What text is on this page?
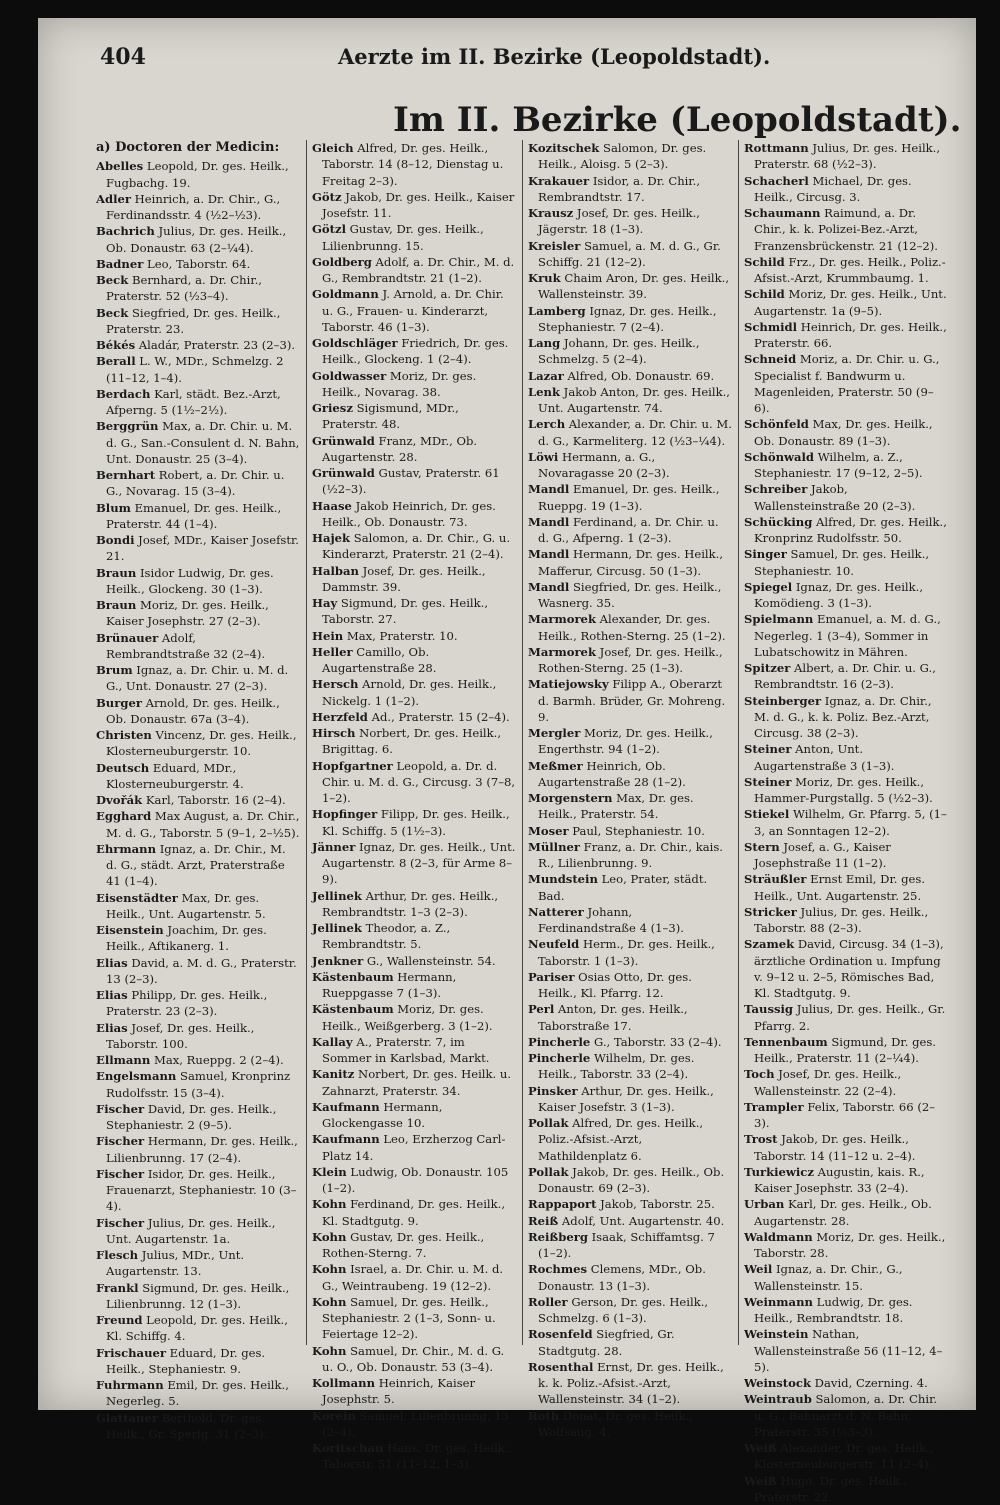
404	Aerzte im II. Bezirke (Leopoldstadt).
Im II. Bezirke (Leopoldstadt).
a) Doctoren der Medicin:
Abelles Leopold, Dr. ges. Heilk., Fugbachg. 19.
Adler Heinrich, a. Dr. Chir., G., Ferdinandsstr. 4 (½2–½3).
Bachrich Julius, Dr. ges. Heilk., Ob. Donaustr. 63 (2–¼4).
Badner Leo, Taborstr. 64.
Beck Bernhard, a. Dr. Chir., Praterstr. 52 (½3–4).
Beck Siegfried, Dr. ges. Heilk., Praterstr. 23.
Békés Aladár, Praterstr. 23 (2–3).
Berall L. W., MDr., Schmelzg. 2 (11–12, 1–4).
Berdach Karl, städt. Bez.-Arzt, Afperng. 5 (1½–2½).
Berggrün Max, a. Dr. Chir. u. M. d. G., San.-Consulent d. N. Bahn, Unt. Donaustr. 25 (3–4).
Bernhart Robert, a. Dr. Chir. u. G., Novarag. 15 (3–4).
Blum Emanuel, Dr. ges. Heilk., Praterstr. 44 (1–4).
Bondi Josef, MDr., Kaiser Josefstr. 21.
Braun Isidor Ludwig, Dr. ges. Heilk., Glockeng. 30 (1–3).
Braun Moriz, Dr. ges. Heilk., Kaiser Josephstr. 27 (2–3).
Brünauer Adolf, Rembrandtstraße 32 (2–4).
Brum Ignaz, a. Dr. Chir. u. M. d. G., Unt. Donaustr. 27 (2–3).
Burger Arnold, Dr. ges. Heilk., Ob. Donaustr. 67a (3–4).
Christen Vincenz, Dr. ges. Heilk., Klosterneuburgerstr. 10.
Deutsch Eduard, MDr., Klosterneuburgerstr. 4.
Dvořák Karl, Taborstr. 16 (2–4).
Egghard Max August, a. Dr. Chir., M. d. G., Taborstr. 5 (9–1, 2–½5).
Ehrmann Ignaz, a. Dr. Chir., M. d. G., städt. Arzt, Praterstraße 41 (1–4).
Eisenstädter Max, Dr. ges. Heilk., Unt. Augartenstr. 5.
Eisenstein Joachim, Dr. ges. Heilk., Aftikanerg. 1.
Elias David, a. M. d. G., Praterstr. 13 (2–3).
Elias Philipp, Dr. ges. Heilk., Praterstr. 23 (2–3).
Elias Josef, Dr. ges. Heilk., Taborstr. 100.
Ellmann Max, Rueppg. 2 (2–4).
Engelsmann Samuel, Kronprinz Rudolfsstr. 15 (3–4).
Fischer David, Dr. ges. Heilk., Stephaniestr. 2 (9–5).
Fischer Hermann, Dr. ges. Heilk., Lilienbrunng. 17 (2–4).
Fischer Isidor, Dr. ges. Heilk., Frauenarzt, Stephaniestr. 10 (3–4).
Fischer Julius, Dr. ges. Heilk., Unt. Augartenstr. 1a.
Flesch Julius, MDr., Unt. Augartenstr. 13.
Frankl Sigmund, Dr. ges. Heilk., Lilienbrunng. 12 (1–3).
Freund Leopold, Dr. ges. Heilk., Kl. Schiffg. 4.
Frischauer Eduard, Dr. ges. Heilk., Stephaniestr. 9.
Fuhrmann Emil, Dr. ges. Heilk., Negerleg. 5.
Glattauer Berthold, Dr. ges. Heilk., Gr. Sperlg. 31 (2–3).
Gleich Alfred, Dr. ges. Heilk., Taborstr. 14 (8–12, Dienstag u. Freitag 2–3).
Götz Jakob, Dr. ges. Heilk., Kaiser Josefstr. 11.
Götzl Gustav, Dr. ges. Heilk., Lilienbrunng. 15.
Goldberg Adolf, a. Dr. Chir., M. d. G., Rembrandtstr. 21 (1–2).
Goldmann J. Arnold, a. Dr. Chir. u. G., Frauen- u. Kinderarzt, Taborstr. 46 (1–3).
Goldschläger Friedrich, Dr. ges. Heilk., Glockeng. 1 (2–4).
Goldwasser Moriz, Dr. ges. Heilk., Novarag. 38.
Griesz Sigismund, MDr., Praterstr. 48.
Grünwald Franz, MDr., Ob. Augartenstr. 28.
Grünwald Gustav, Praterstr. 61 (½2–3).
Haase Jakob Heinrich, Dr. ges. Heilk., Ob. Donaustr. 73.
Hajek Salomon, a. Dr. Chir., G. u. Kinderarzt, Praterstr. 21 (2–4).
Halban Josef, Dr. ges. Heilk., Dammstr. 39.
Hay Sigmund, Dr. ges. Heilk., Taborstr. 27.
Hein Max, Praterstr. 10.
Heller Camillo, Ob. Augartenstraße 28.
Hersch Arnold, Dr. ges. Heilk., Nickelg. 1 (1–2).
Herzfeld Ad., Praterstr. 15 (2–4).
Hirsch Norbert, Dr. ges. Heilk., Brigittag. 6.
Hopfgartner Leopold, a. Dr. d. Chir. u. M. d. G., Circusg. 3 (7–8, 1–2).
Hopfinger Filipp, Dr. ges. Heilk., Kl. Schiffg. 5 (1½–3).
Jänner Ignaz, Dr. ges. Heilk., Unt. Augartenstr. 8 (2–3, für Arme 8–9).
Jellinek Arthur, Dr. ges. Heilk., Rembrandtstr. 1–3 (2–3).
Jellinek Theodor, a. Z., Rembrandtstr. 5.
Jenkner G., Wallensteinstr. 54.
Kästenbaum Hermann, Rueppgasse 7 (1–3).
Kästenbaum Moriz, Dr. ges. Heilk., Weißgerberg. 3 (1–2).
Kallay A., Praterstr. 7, im Sommer in Karlsbad, Markt.
Kanitz Norbert, Dr. ges. Heilk. u. Zahnarzt, Praterstr. 34.
Kaufmann Hermann, Glockengasse 10.
Kaufmann Leo, Erzherzog Carl-Platz 14.
Klein Ludwig, Ob. Donaustr. 105 (1–2).
Kohn Ferdinand, Dr. ges. Heilk., Kl. Stadtgutg. 9.
Kohn Gustav, Dr. ges. Heilk., Rothen-Sterng. 7.
Kohn Israel, a. Dr. Chir. u. M. d. G., Weintraubeng. 19 (12–2).
Kohn Samuel, Dr. ges. Heilk., Stephaniestr. 2 (1–3, Sonn- u. Feiertage 12–2).
Kohn Samuel, Dr. Chir., M. d. G. u. O., Ob. Donaustr. 53 (3–4).
Kollmann Heinrich, Kaiser Josephstr. 5.
Korein Samuel, Lilienbrunng. 13 (2–4).
Koritschan Hans, Dr. ges. Heilk., Taborstr. 51 (11–12, 1–3).
Kozitschek Salomon, Dr. ges. Heilk., Aloisg. 5 (2–3).
Krakauer Isidor, a. Dr. Chir., Rembrandtstr. 17.
Krausz Josef, Dr. ges. Heilk., Jägerstr. 18 (1–3).
Kreisler Samuel, a. M. d. G., Gr. Schiffg. 21 (12–2).
Kruk Chaim Aron, Dr. ges. Heilk., Wallensteinstr. 39.
Lamberg Ignaz, Dr. ges. Heilk., Stephaniestr. 7 (2–4).
Lang Johann, Dr. ges. Heilk., Schmelzg. 5 (2–4).
Lazar Alfred, Ob. Donaustr. 69.
Lenk Jakob Anton, Dr. ges. Heilk., Unt. Augartenstr. 74.
Lerch Alexander, a. Dr. Chir. u. M. d. G., Karmeliterg. 12 (½3–¼4).
Löwi Hermann, a. G., Novaragasse 20 (2–3).
Mandl Emanuel, Dr. ges. Heilk., Rueppg. 19 (1–3).
Mandl Ferdinand, a. Dr. Chir. u. d. G., Afperng. 1 (2–3).
Mandl Hermann, Dr. ges. Heilk., Mafferur, Circusg. 50 (1–3).
Mandl Siegfried, Dr. ges. Heilk., Wasnerg. 35.
Marmorek Alexander, Dr. ges. Heilk., Rothen-Sterng. 25 (1–2).
Marmorek Josef, Dr. ges. Heilk., Rothen-Sterng. 25 (1–3).
Matiejowsky Filipp A., Oberarzt d. Barmh. Brüder, Gr. Mohreng. 9.
Mergler Moriz, Dr. ges. Heilk., Engerthstr. 94 (1–2).
Meßmer Heinrich, Ob. Augartenstraße 28 (1–2).
Morgenstern Max, Dr. ges. Heilk., Praterstr. 54.
Moser Paul, Stephaniestr. 10.
Müllner Franz, a. Dr. Chir., kais. R., Lilienbrunng. 9.
Mundstein Leo, Prater, städt. Bad.
Natterer Johann, Ferdinandstraße 4 (1–3).
Neufeld Herm., Dr. ges. Heilk., Taborstr. 1 (1–3).
Pariser Osias Otto, Dr. ges. Heilk., Kl. Pfarrg. 12.
Perl Anton, Dr. ges. Heilk., Taborstraße 17.
Pincherle G., Taborstr. 33 (2–4).
Pincherle Wilhelm, Dr. ges. Heilk., Taborstr. 33 (2–4).
Pinsker Arthur, Dr. ges. Heilk., Kaiser Josefstr. 3 (1–3).
Pollak Alfred, Dr. ges. Heilk., Poliz.-Afsist.-Arzt, Mathildenplatz 6.
Pollak Jakob, Dr. ges. Heilk., Ob. Donaustr. 69 (2–3).
Rappaport Jakob, Taborstr. 25.
Reiß Adolf, Unt. Augartenstr. 40.
Reißberg Isaak, Schiffamtsg. 7 (1–2).
Rochmes Clemens, MDr., Ob. Donaustr. 13 (1–3).
Roller Gerson, Dr. ges. Heilk., Schmelzg. 6 (1–3).
Rosenfeld Siegfried, Gr. Stadtgutg. 28.
Rosenthal Ernst, Dr. ges. Heilk., k. k. Poliz.-Afsist.-Arzt, Wallensteinstr. 34 (1–2).
Roth Donat, Dr. ges. Heilk., Wolfsaug. 4.
Rottmann Julius, Dr. ges. Heilk., Praterstr. 68 (½2–3).
Schacherl Michael, Dr. ges. Heilk., Circusg. 3.
Schaumann Raimund, a. Dr. Chir., k. k. Polizei-Bez.-Arzt, Franzensbrückenstr. 21 (12–2).
Schild Frz., Dr. ges. Heilk., Poliz.-Afsist.-Arzt, Krummbaumg. 1.
Schild Moriz, Dr. ges. Heilk., Unt. Augartenstr. 1a (9–5).
Schmidl Heinrich, Dr. ges. Heilk., Praterstr. 66.
Schneid Moriz, a. Dr. Chir. u. G., Specialist f. Bandwurm u. Magenleiden, Praterstr. 50 (9–6).
Schönfeld Max, Dr. ges. Heilk., Ob. Donaustr. 89 (1–3).
Schönwald Wilhelm, a. Z., Stephaniestr. 17 (9–12, 2–5).
Schreiber Jakob, Wallensteinstraße 20 (2–3).
Schücking Alfred, Dr. ges. Heilk., Kronprinz Rudolfsstr. 50.
Singer Samuel, Dr. ges. Heilk., Stephaniestr. 10.
Spiegel Ignaz, Dr. ges. Heilk., Komödieng. 3 (1–3).
Spielmann Emanuel, a. M. d. G., Negerleg. 1 (3–4), Sommer in Lubatschowitz in Mähren.
Spitzer Albert, a. Dr. Chir. u. G., Rembrandtstr. 16 (2–3).
Steinberger Ignaz, a. Dr. Chir., M. d. G., k. k. Poliz. Bez.-Arzt, Circusg. 38 (2–3).
Steiner Anton, Unt. Augartenstraße 3 (1–3).
Steiner Moriz, Dr. ges. Heilk., Hammer-Purgstallg. 5 (½2–3).
Stiekel Wilhelm, Gr. Pfarrg. 5, (1–3, an Sonntagen 12–2).
Stern Josef, a. G., Kaiser Josephstraße 11 (1–2).
Sträußler Ernst Emil, Dr. ges. Heilk., Unt. Augartenstr. 25.
Stricker Julius, Dr. ges. Heilk., Taborstr. 88 (2–3).
Szamek David, Circusg. 34 (1–3), ärztliche Ordination u. Impfung v. 9–12 u. 2–5, Römisches Bad, Kl. Stadtgutg. 9.
Taussig Julius, Dr. ges. Heilk., Gr. Pfarrg. 2.
Tennenbaum Sigmund, Dr. ges. Heilk., Praterstr. 11 (2–¼4).
Toch Josef, Dr. ges. Heilk., Wallensteinstr. 22 (2–4).
Trampler Felix, Taborstr. 66 (2–3).
Trost Jakob, Dr. ges. Heilk., Taborstr. 14 (11–12 u. 2–4).
Turkiewicz Augustin, kais. R., Kaiser Josephstr. 33 (2–4).
Urban Karl, Dr. ges. Heilk., Ob. Augartenstr. 28.
Waldmann Moriz, Dr. ges. Heilk., Taborstr. 28.
Weil Ignaz, a. Dr. Chir., G., Wallensteinstr. 15.
Weinmann Ludwig, Dr. ges. Heilk., Rembrandtstr. 18.
Weinstein Nathan, Wallensteinstraße 56 (11–12, 4–5).
Weinstock David, Czerning. 4.
Weintraub Salomon, a. Dr. Chir. u. G., Bahnarzt d. N. Bahn, Praterstr. 35 (½3–3).
Weiß Alexander, Dr. ges. Heilk., Klosterneuburgerstr. 11 (2–4).
Weiß Hugo, Dr. ges. Heilk., Praterstr. 22.
